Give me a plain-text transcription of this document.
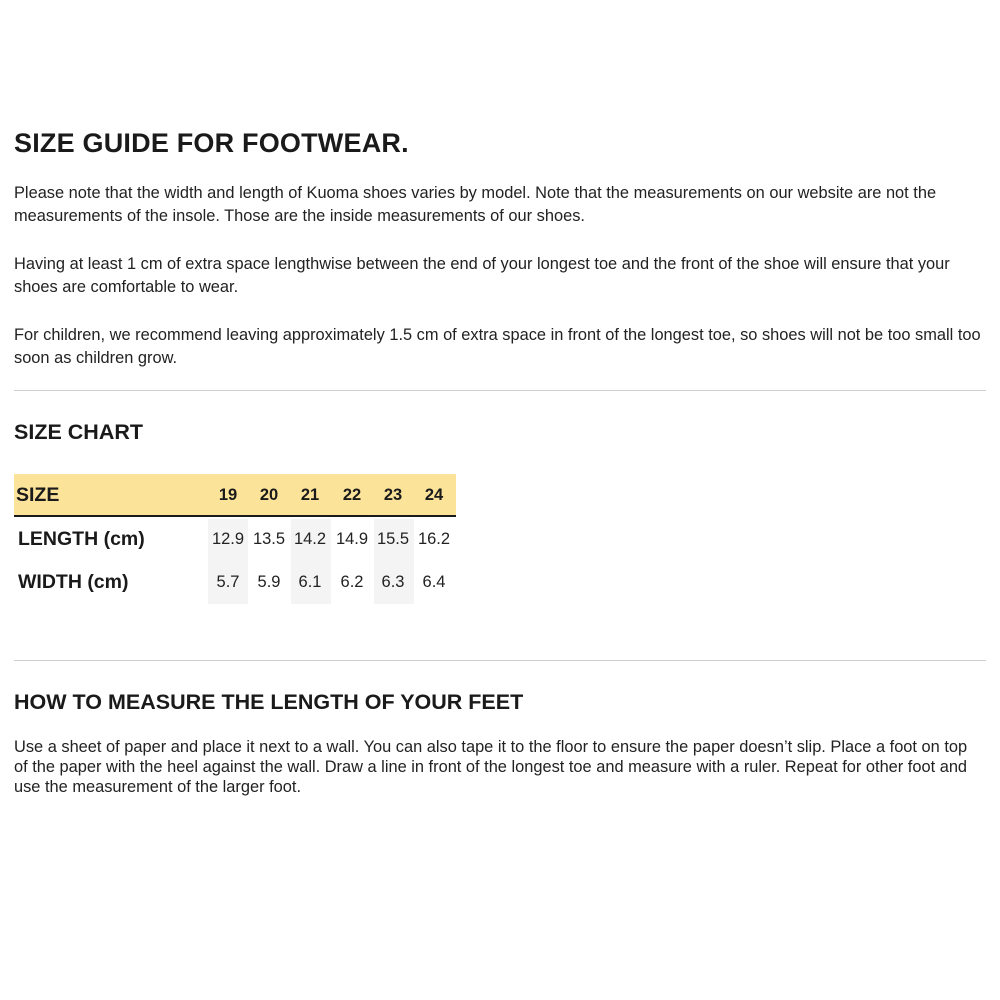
SIZE GUIDE FOR FOOTWEAR.

Please note that the width and length of Kuoma shoes varies by model. Note that the measurements on our website are not the measurements of the insole. Those are the inside measurements of our shoes.

Having at least 1 cm of extra space lengthwise between the end of your longest toe and the front of the shoe will ensure that your shoes are comfortable to wear.

For children, we recommend leaving approximately 1.5 cm of extra space in front of the longest toe, so shoes will not be too small too soon as children grow.

SIZE CHART
SIZE	19	20	21	22	23	24
LENGTH (cm)	12.9 13.5 14.2 14.9 15.5 16.2
WIDTH (cm)	5.7	5.9	6.1	6.2	6.3	6.4
HOW TO MEASURE THE LENGTH OF YOUR FEET

Use a sheet of paper and place it next to a wall. You can also tape it to the floor to ensure the paper doesn’t slip. Place a foot on top of the paper with the heel against the wall. Draw a line in front of the longest toe and measure with a ruler. Repeat for other foot and use the measurement of the larger foot.
